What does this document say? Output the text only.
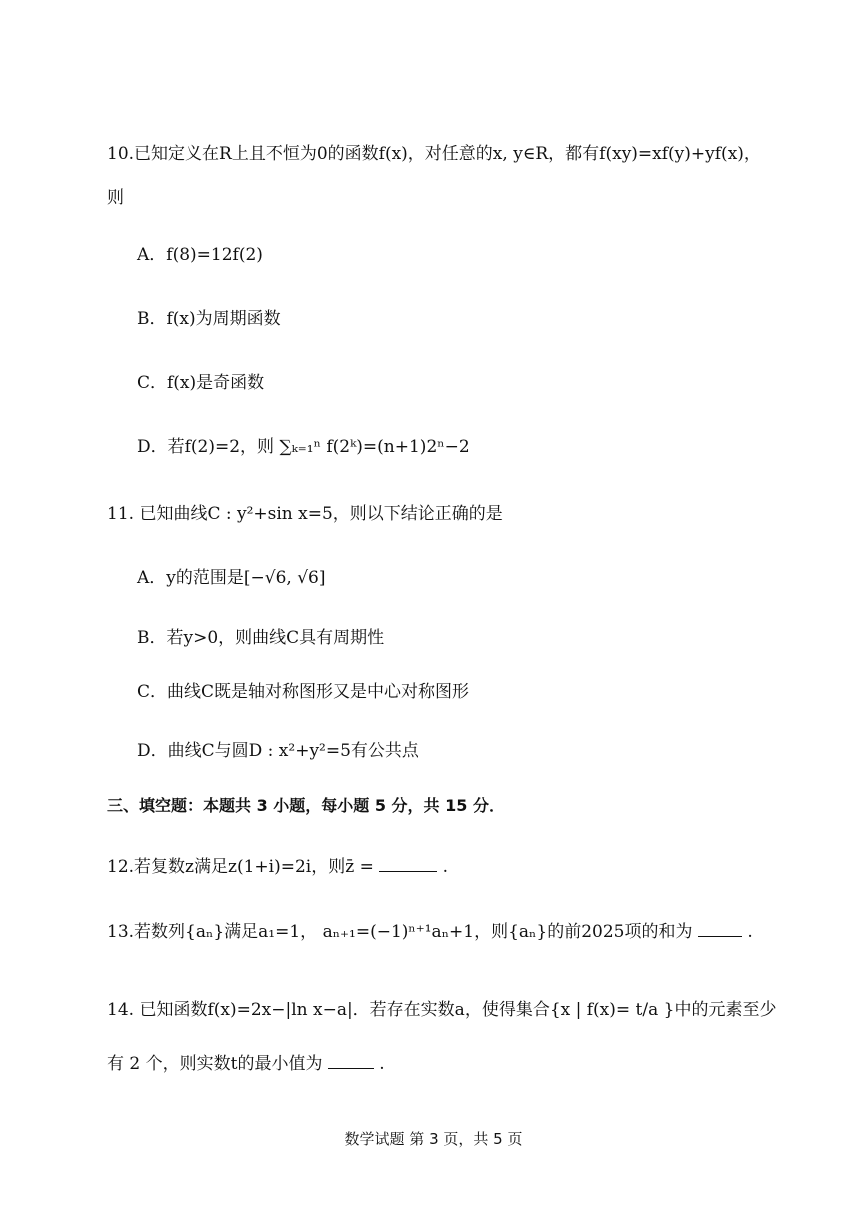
10.已知定义在R上且不恒为0的函数f(x)，对任意的x, y∈R，都有f(xy)=xf(y)+yf(x)，
则
A．f(8)=12f(2)
B．f(x)为周期函数
C．f(x)是奇函数
D．若f(2)=2，则 ∑ₖ₌₁ⁿ f(2ᵏ)=(n+1)2ⁿ−2
11. 已知曲线C : y²+sin x=5，则以下结论正确的是
A．y的范围是[−√6, √6]
B．若y>0，则曲线C具有周期性
C．曲线C既是轴对称图形又是中心对称图形
D．曲线C与圆D : x²+y²=5有公共点
三、填空题：本题共 3 小题，每小题 5 分，共 15 分．
12.若复数z满足z(1+i)=2i，则z̄ =	.
13.若数列{aₙ}满足a₁=1， aₙ₊₁=(−1)ⁿ⁺¹aₙ+1，则{aₙ}的前2025项的和为	.
14. 已知函数f(x)=2x−|ln x−a|．若存在实数a，使得集合{x | f(x)= t/a }中的元素至少
有 2 个，则实数t的最小值为	.
数学试题 第 3 页，共 5 页
